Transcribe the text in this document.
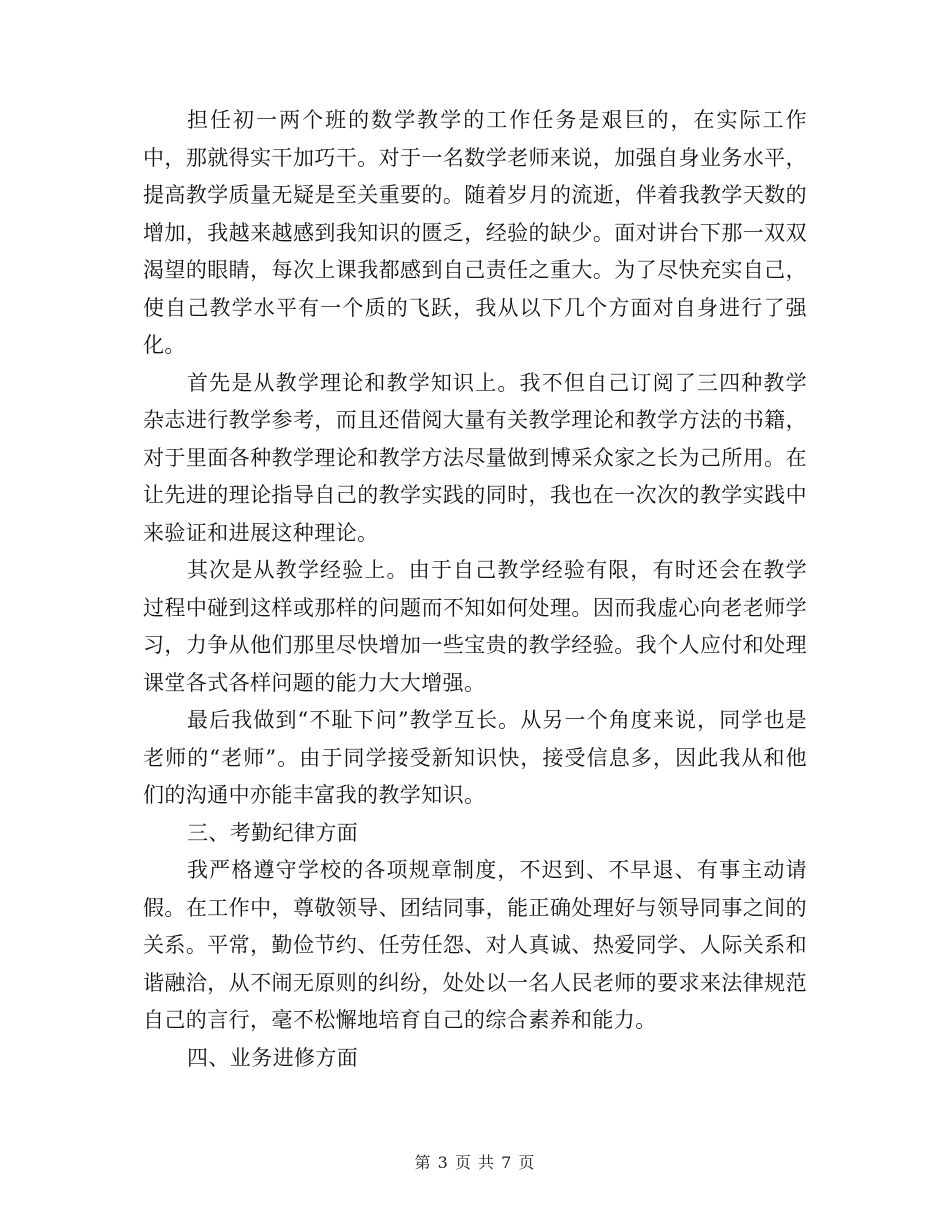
担任初一两个班的数学教学的工作任务是艰巨的，在实际工作中，那就得实干加巧干。对于一名数学老师来说，加强自身业务水平，提高教学质量无疑是至关重要的。随着岁月的流逝，伴着我教学天数的增加，我越来越感到我知识的匮乏，经验的缺少。面对讲台下那一双双渴望的眼睛，每次上课我都感到自己责任之重大。为了尽快充实自己，使自己教学水平有一个质的飞跃，我从以下几个方面对自身进行了强化。

首先是从教学理论和教学知识上。我不但自己订阅了三四种教学杂志进行教学参考，而且还借阅大量有关教学理论和教学方法的书籍，对于里面各种教学理论和教学方法尽量做到博采众家之长为己所用。在让先进的理论指导自己的教学实践的同时，我也在一次次的教学实践中来验证和进展这种理论。

其次是从教学经验上。由于自己教学经验有限，有时还会在教学过程中碰到这样或那样的问题而不知如何处理。因而我虚心向老老师学习，力争从他们那里尽快增加一些宝贵的教学经验。我个人应付和处理课堂各式各样问题的能力大大增强。

最后我做到“不耻下问”教学互长。从另一个角度来说，同学也是老师的“老师”。由于同学接受新知识快，接受信息多，因此我从和他们的沟通中亦能丰富我的教学知识。

三、考勤纪律方面

我严格遵守学校的各项规章制度，不迟到、不早退、有事主动请假。在工作中，尊敬领导、团结同事，能正确处理好与领导同事之间的关系。平常，勤俭节约、任劳任怨、对人真诚、热爱同学、人际关系和谐融洽，从不闹无原则的纠纷，处处以一名人民老师的要求来法律规范自己的言行，毫不松懈地培育自己的综合素养和能力。

四、业务进修方面

第 3 页 共 7 页
